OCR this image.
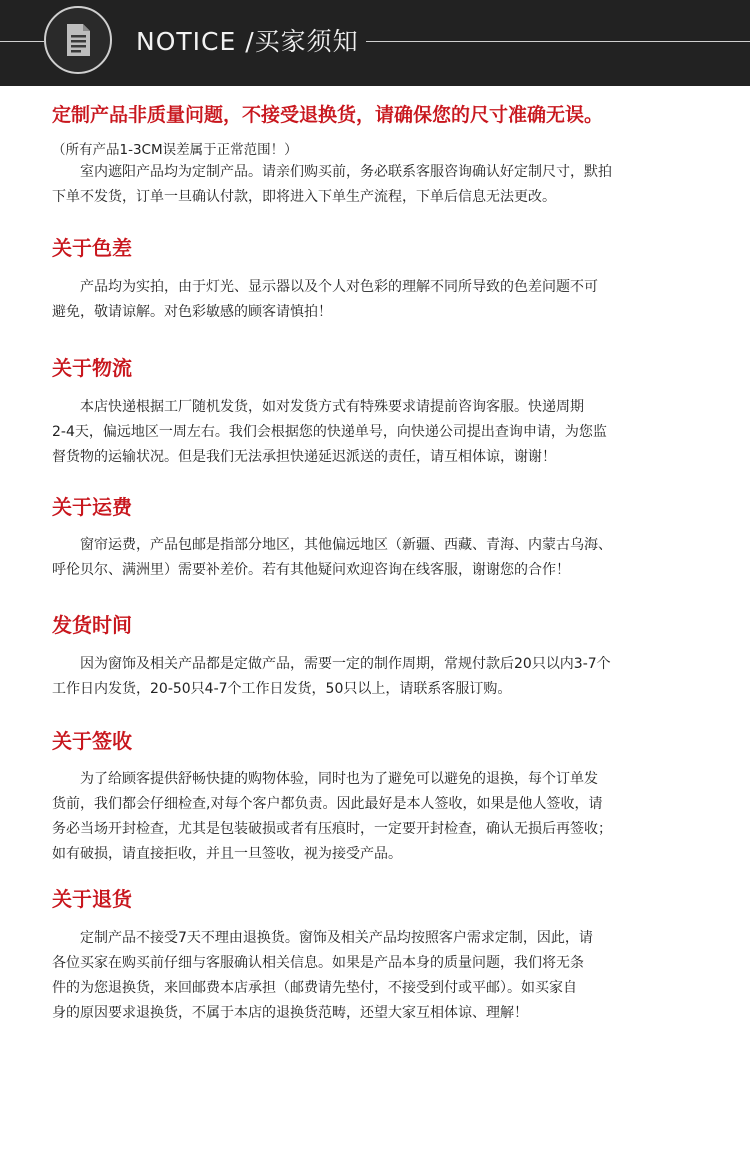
NOTICE /买家须知
定制产品非质量问题，不接受退换货，请确保您的尺寸准确无误。
（所有产品1-3CM误差属于正常范围！）
室内遮阳产品均为定制产品。请亲们购买前，务必联系客服咨询确认好定制尺寸，默拍
下单不发货，订单一旦确认付款，即将进入下单生产流程，下单后信息无法更改。
关于色差
产品均为实拍，由于灯光、显示器以及个人对色彩的理解不同所导致的色差问题不可
避免，敬请谅解。对色彩敏感的顾客请慎拍！
关于物流
本店快递根据工厂随机发货，如对发货方式有特殊要求请提前咨询客服。快递周期
2-4天，偏远地区一周左右。我们会根据您的快递单号，向快递公司提出查询申请，为您监
督货物的运输状况。但是我们无法承担快递延迟派送的责任，请互相体谅，谢谢！
关于运费
窗帘运费，产品包邮是指部分地区，其他偏远地区（新疆、西藏、青海、内蒙古乌海、
呼伦贝尔、满洲里）需要补差价。若有其他疑问欢迎咨询在线客服，谢谢您的合作！
发货时间
因为窗饰及相关产品都是定做产品，需要一定的制作周期，常规付款后20只以内3-7个
工作日内发货，20-50只4-7个工作日发货，50只以上，请联系客服订购。
关于签收
为了给顾客提供舒畅快捷的购物体验，同时也为了避免可以避免的退换，每个订单发
货前，我们都会仔细检查,对每个客户都负责。因此最好是本人签收，如果是他人签收，请
务必当场开封检查，尤其是包装破损或者有压痕时，一定要开封检查，确认无损后再签收；
如有破损，请直接拒收，并且一旦签收，视为接受产品。
关于退货
定制产品不接受7天不理由退换货。窗饰及相关产品均按照客户需求定制，因此，请
各位买家在购买前仔细与客服确认相关信息。如果是产品本身的质量问题，我们将无条
件的为您退换货，来回邮费本店承担（邮费请先垫付，不接受到付或平邮）。如买家自
身的原因要求退换货，不属于本店的退换货范畴，还望大家互相体谅、理解！
